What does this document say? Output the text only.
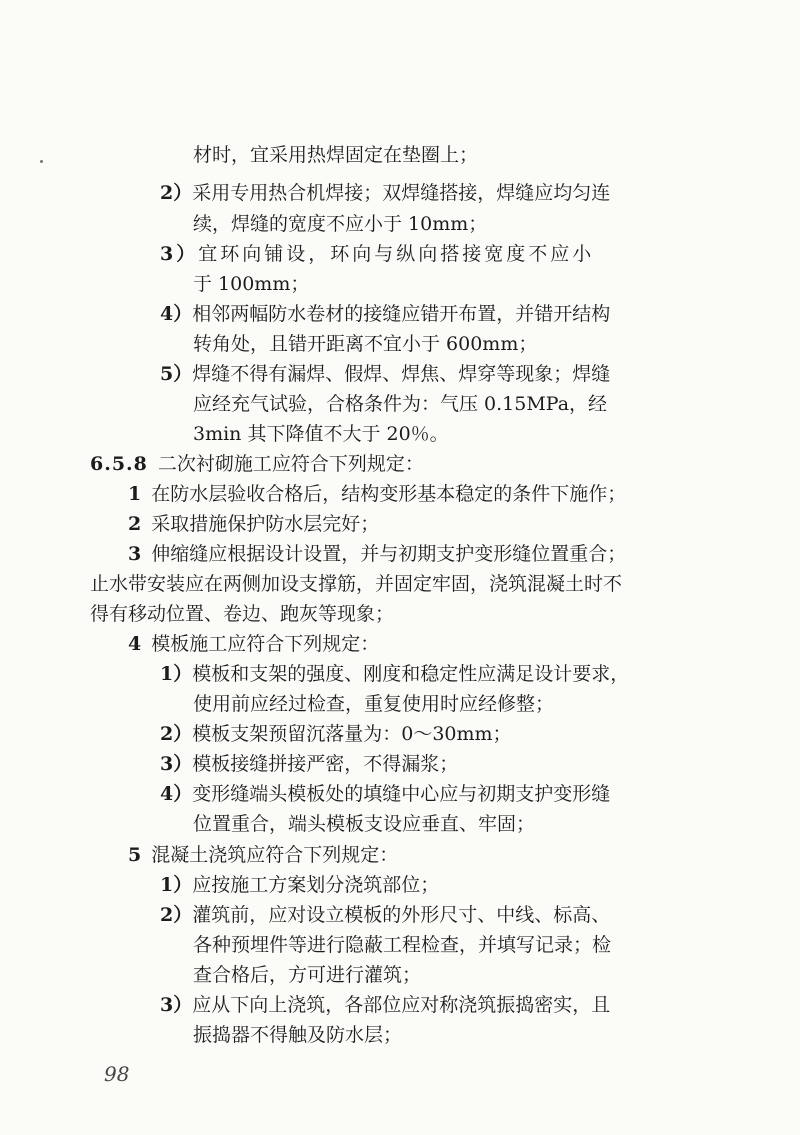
材时，宜采用热焊固定在垫圈上；
2）采用专用热合机焊接；双焊缝搭接，焊缝应均匀连
续，焊缝的宽度不应小于 10mm；
3）宜环向铺设，环向与纵向搭接宽度不应小
于 100mm；
4）相邻两幅防水卷材的接缝应错开布置，并错开结构
转角处，且错开距离不宜小于 600mm；
5）焊缝不得有漏焊、假焊、焊焦、焊穿等现象；焊缝
应经充气试验，合格条件为：气压 0.15MPa，经
3min 其下降值不大于 20％。
6.5.8 二次衬砌施工应符合下列规定：
1 在防水层验收合格后，结构变形基本稳定的条件下施作；
2 采取措施保护防水层完好；
3 伸缩缝应根据设计设置，并与初期支护变形缝位置重合；
止水带安装应在两侧加设支撑筋，并固定牢固，浇筑混凝土时不
得有移动位置、卷边、跑灰等现象；
4 模板施工应符合下列规定：
1）模板和支架的强度、刚度和稳定性应满足设计要求，
使用前应经过检查，重复使用时应经修整；
2）模板支架预留沉落量为：0～30mm；
3）模板接缝拼接严密，不得漏浆；
4）变形缝端头模板处的填缝中心应与初期支护变形缝
位置重合，端头模板支设应垂直、牢固；
5 混凝土浇筑应符合下列规定：
1）应按施工方案划分浇筑部位；
2）灌筑前，应对设立模板的外形尺寸、中线、标高、
各种预埋件等进行隐蔽工程检查，并填写记录；检
查合格后，方可进行灌筑；
3）应从下向上浇筑，各部位应对称浇筑振捣密实，且
振捣器不得触及防水层；
98
